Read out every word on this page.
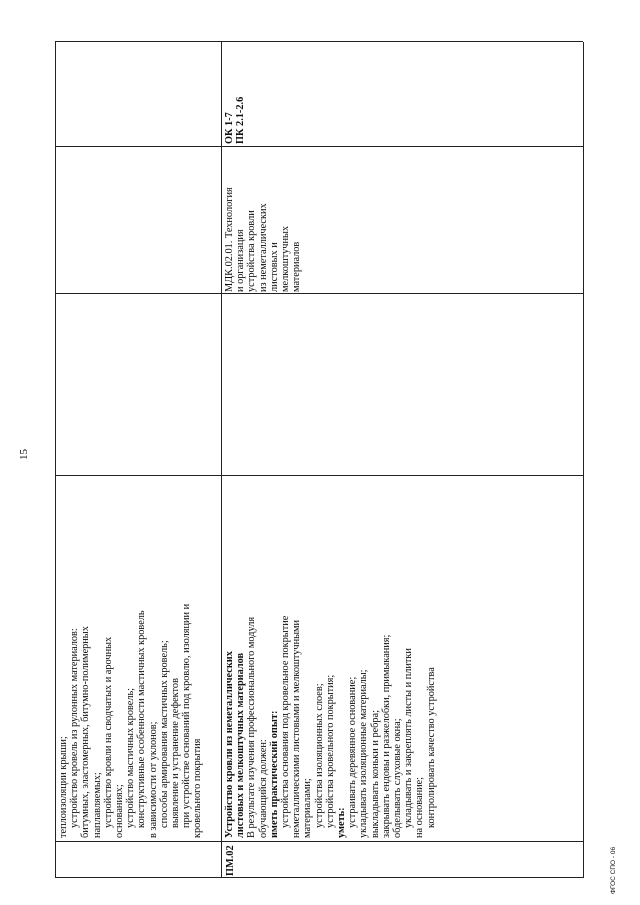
15
теплоизоляции крыши; устройство кровель из рулонных материалов: битумных, эластомерных, битумно-полимерных наплавляемых; устройство кровли на сводчатых и арочных основаниях; устройство мастичных кровель; конструктивные особенности мастичных кровель в зависимости от уклонов; способы армирования мастичных кровель; выявление и устранение дефектов при устройстве оснований под кровлю, изоляции и кровельного покрытия
ПМ.02
Устройство кровли из неметаллических листовых и мелкоштучных материалов В результате изучения профессионального модуля обучающийся должен: иметь практический опыт: устройства основания под кровельное покрытие неметаллическими листовыми и мелкоштучными материалами; устройства изоляционных слоев; устройства кровельного покрытия; уметь: устраивать деревянное основание; укладывать изоляционные материалы; выкладывать коньки и ребра; закрывать ендовы и разжелобки, примыкания; обделывать слуховые окна; укладывать и закреплять листы и плитки на основание; контролировать качество устройства
МДК.02.01. Технология и организация устройства кровли из неметаллических листовых и мелкоштучных материалов
ОК 1-7 ПК 2.1-2.6
ФГОС СПО - 06
